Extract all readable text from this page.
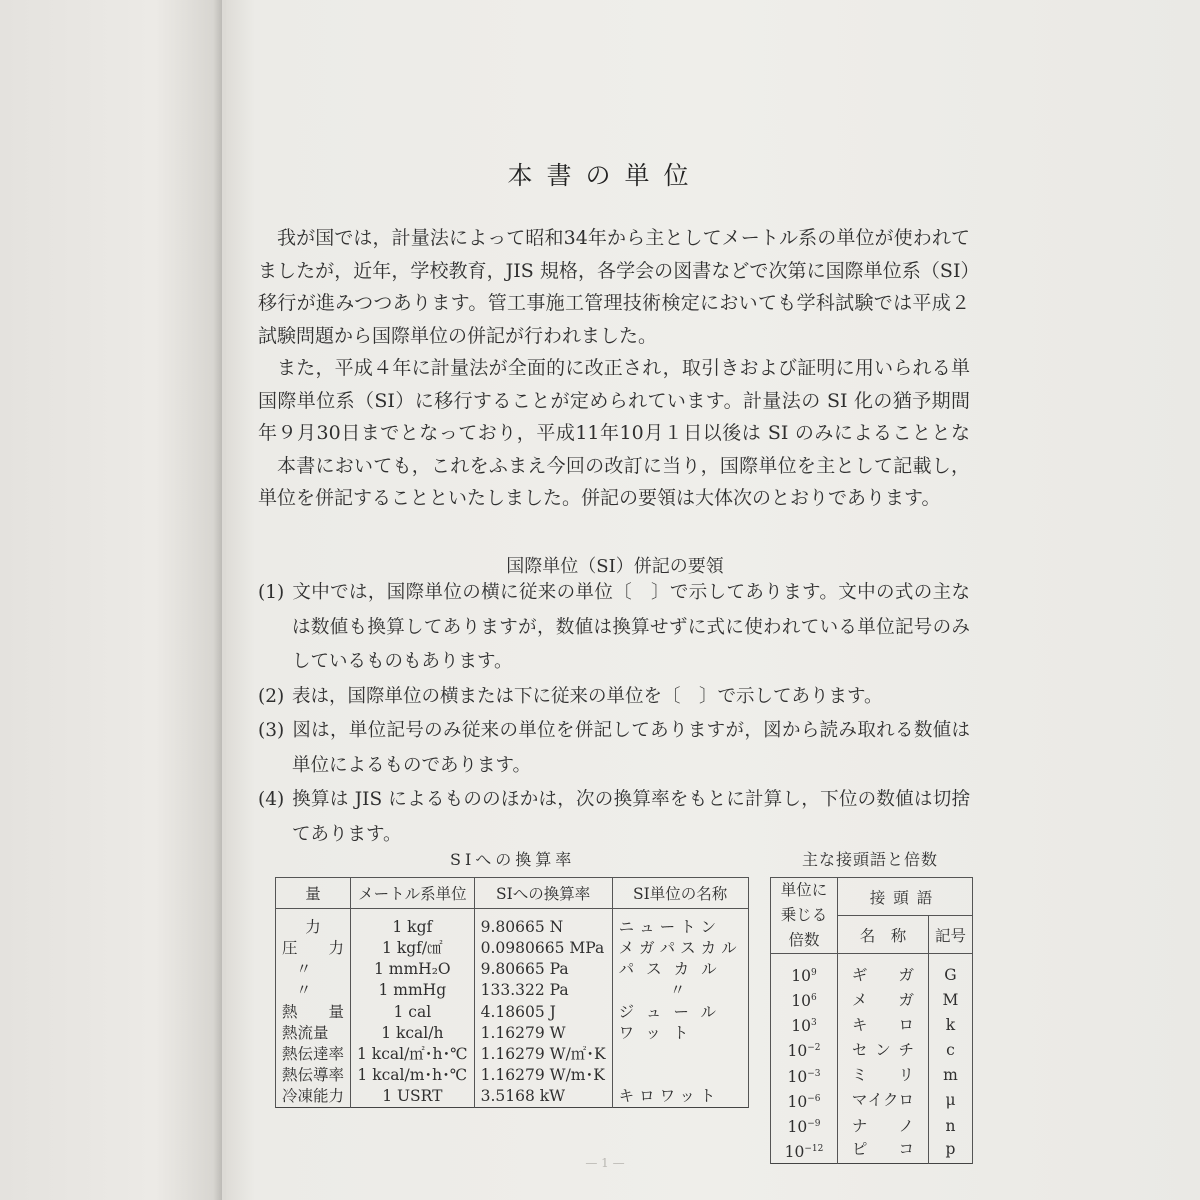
本書の単位
我が国では，計量法によって昭和34年から主としてメートル系の単位が使われて
ましたが，近年，学校教育，JIS 規格，各学会の図書などで次第に国際単位系（SI）
移行が進みつつあります。管工事施工管理技術検定においても学科試験では平成２
試験問題から国際単位の併記が行われました。
また，平成４年に計量法が全面的に改正され，取引きおよび証明に用いられる単
国際単位系（SI）に移行することが定められています。計量法の SI 化の猶予期間
年９月30日までとなっており，平成11年10月１日以後は SI のみによることとな
本書においても，これをふまえ今回の改訂に当り，国際単位を主として記載し，
単位を併記することといたしました。併記の要領は大体次のとおりであります。
国際単位（SI）併記の要領
(1) 文中では，国際単位の横に従来の単位〔　〕で示してあります。文中の式の主な
は数値も換算してありますが，数値は換算せずに式に使われている単位記号のみ
しているものもあります。
(2) 表は，国際単位の横または下に従来の単位を〔　〕で示してあります。
(3) 図は，単位記号のみ従来の単位を併記してありますが，図から読み取れる数値は
単位によるものであります。
(4) 換算は JIS によるもののほかは，次の換算率をもとに計算し，下位の数値は切捨
てあります。
SIへの換算率	主な接頭語と倍数
量	メートル系単位	SIへの換算率	SI単位の名称
力	1 kgf	9.80665 N	ニュートン
圧　　力	1 kgf/㎠	0.0980665 MPa	メガパスカル
〃	1 mmH₂O	9.80665 Pa	パスカル
〃	1 mmHg	133.322 Pa	〃
熱　　量	1 cal	4.18605 J	ジュール
熱流量	1 kcal/h	1.16279 W	ワット
熱伝達率	1 kcal/㎡･h･℃	1.16279 W/㎡･K	
熱伝導率	1 kcal/m･h･℃	1.16279 W/m･K	
冷凍能力	1 USRT	3.5168 kW	キロワット
単位に乗じる倍数	接頭語	
	名　称	記号
$10^9$	ギ ガ	G
$10^6$	メ ガ	M
$10^3$	キ ロ	k
$10^{-2}$	セ ン チ	c
$10^{-3}$	ミ リ	m
$10^{-6}$	マ イ ク ロ	μ
$10^{-9}$	ナ ノ	n
$10^{-12}$	ピ コ	p
— 1 —
